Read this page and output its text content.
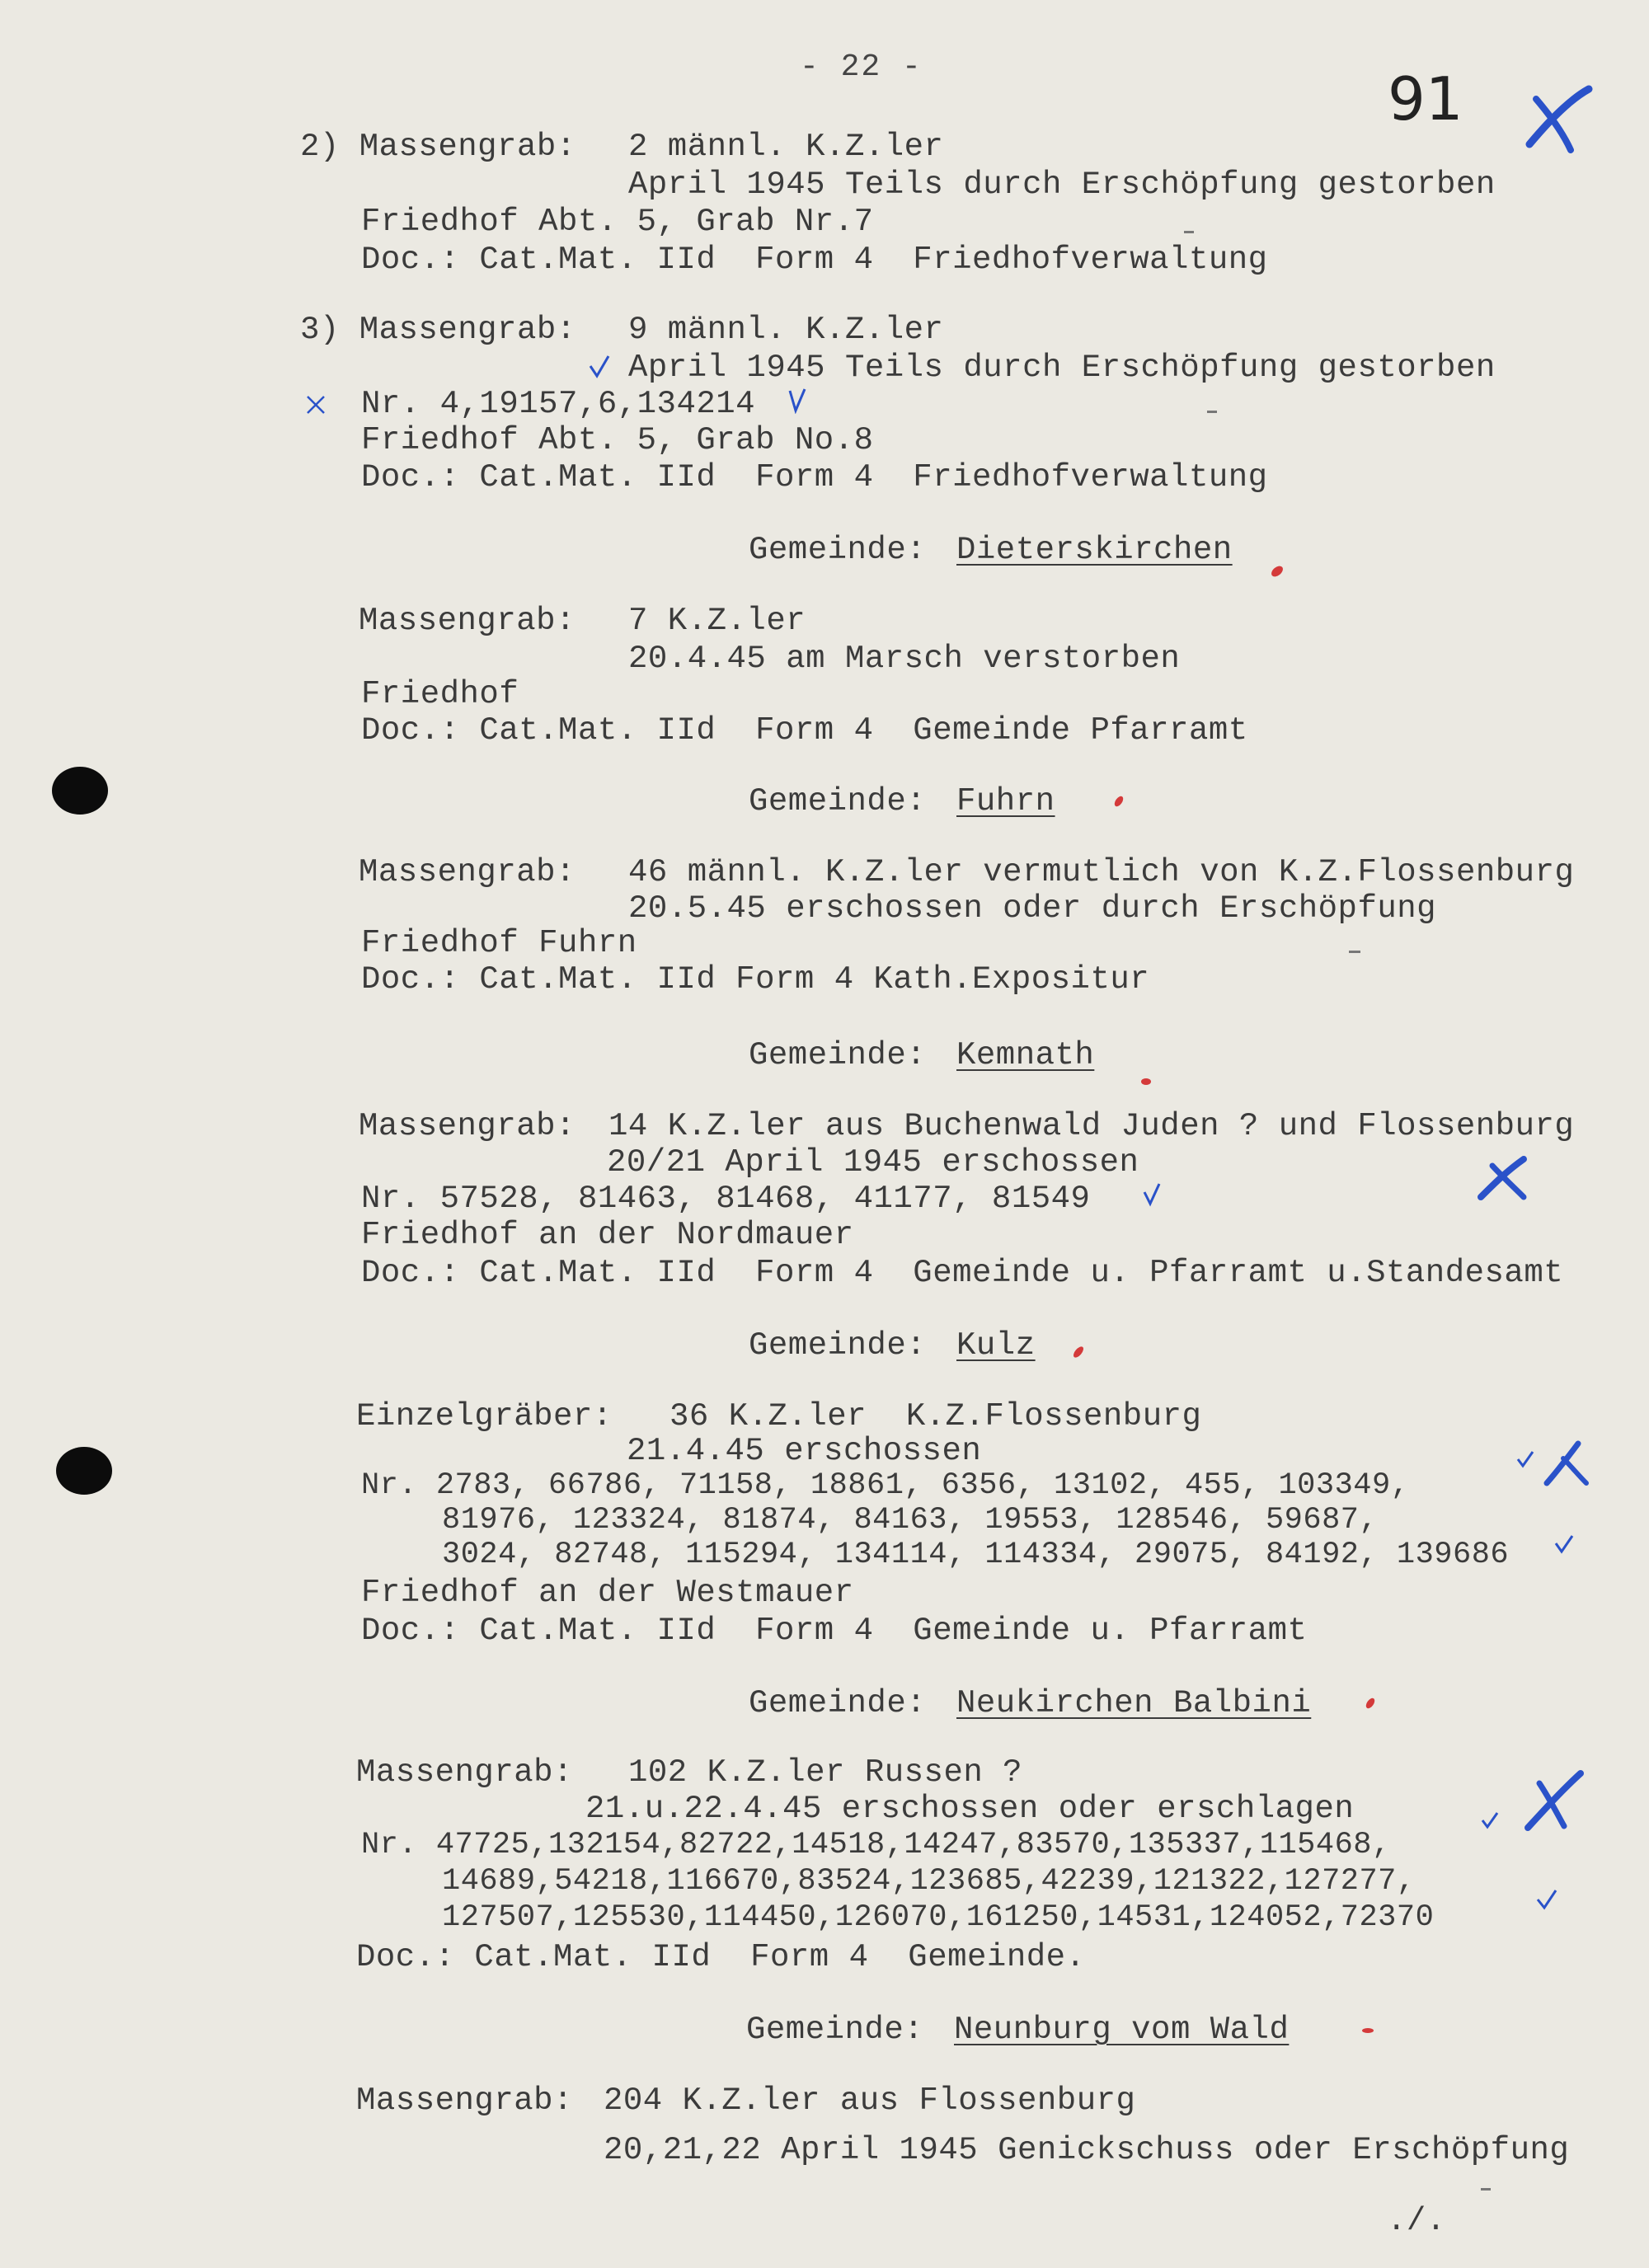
- 22 -	91
2) Massengrab: 2 männl. K.Z.ler
April 1945 Teils durch Erschöpfung gestorben
Friedhof Abt. 5, Grab Nr.7
Doc.: Cat.Mat. IId  Form 4  Friedhofverwaltung
3) Massengrab: 9 männl. K.Z.ler
April 1945 Teils durch Erschöpfung gestorben
Nr. 4,19157,6,134214
Friedhof Abt. 5, Grab No.8
Doc.: Cat.Mat. IId  Form 4  Friedhofverwaltung
Gemeinde: Dieterskirchen
Massengrab: 7 K.Z.ler
20.4.45 am Marsch verstorben
Friedhof
Doc.: Cat.Mat. IId  Form 4  Gemeinde Pfarramt
Gemeinde: Fuhrn
Massengrab: 46 männl. K.Z.ler vermutlich von K.Z.Flossenburg
20.5.45 erschossen oder durch Erschöpfung
Friedhof Fuhrn
Doc.: Cat.Mat. IId Form 4 Kath.Expositur
Gemeinde: Kemnath
Massengrab: 14 K.Z.ler aus Buchenwald Juden ? und Flossenburg
20/21 April 1945 erschossen
Nr. 57528, 81463, 81468, 41177, 81549
Friedhof an der Nordmauer
Doc.: Cat.Mat. IId  Form 4  Gemeinde u. Pfarramt u.Standesamt
Gemeinde: Kulz
Einzelgräber: 36 K.Z.ler  K.Z.Flossenburg
21.4.45 erschossen
Nr. 2783, 66786, 71158, 18861, 6356, 13102, 455, 103349,
81976, 123324, 81874, 84163, 19553, 128546, 59687,
3024, 82748, 115294, 134114, 114334, 29075, 84192, 139686
Friedhof an der Westmauer
Doc.: Cat.Mat. IId  Form 4  Gemeinde u. Pfarramt
Gemeinde: Neukirchen Balbini
Massengrab: 102 K.Z.ler Russen ?
21.u.22.4.45 erschossen oder erschlagen
Nr. 47725,132154,82722,14518,14247,83570,135337,115468,
14689,54218,116670,83524,123685,42239,121322,127277,
127507,125530,114450,126070,161250,14531,124052,72370
Doc.: Cat.Mat. IId  Form 4  Gemeinde.
Gemeinde: Neunburg vom Wald
Massengrab: 204 K.Z.ler aus Flossenburg
20,21,22 April 1945 Genickschuss oder Erschöpfung
./.
